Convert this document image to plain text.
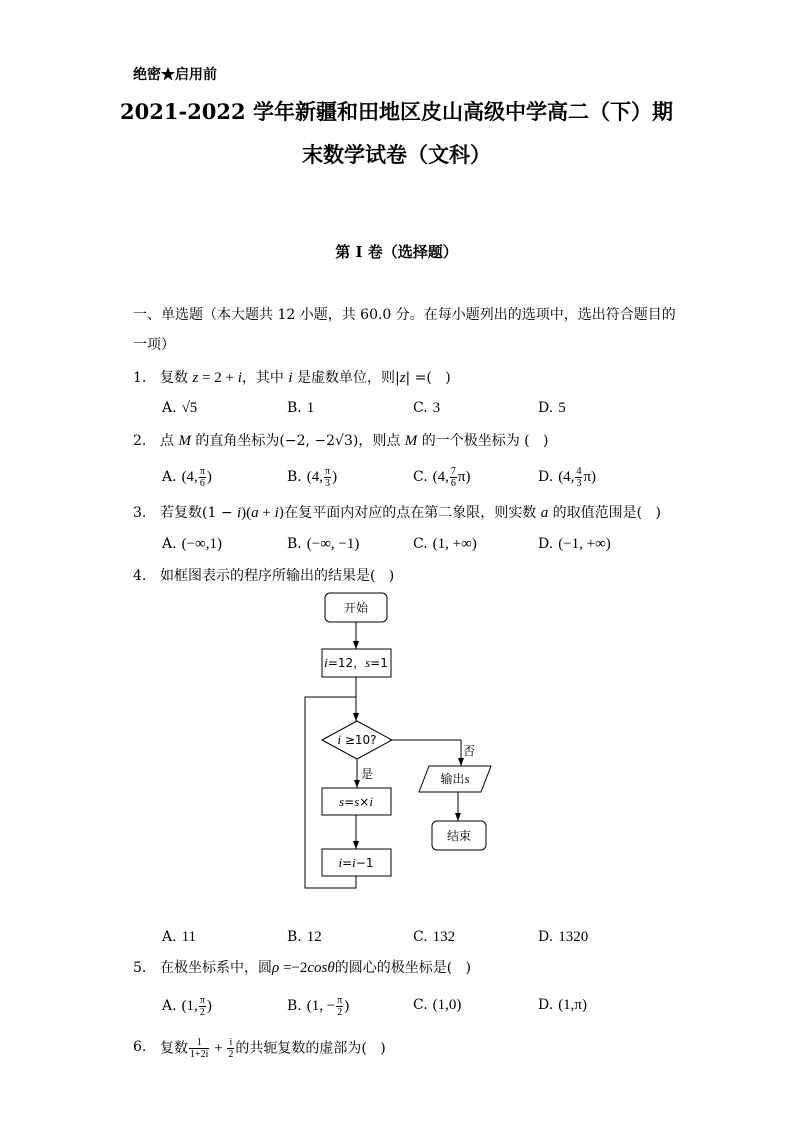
绝密★启用前
2021-2022 学年新疆和田地区皮山高级中学高二（下）期
末数学试卷（文科）
第 I 卷（选择题）
一、单选题（本大题共 12 小题，共 60.0 分。在每小题列出的选项中，选出符合题目的
一项）
1. 复数 z = 2 + i，其中 i 是虚数单位，则|z| =(   )
A. √5	B. 1	C. 3	D. 5
2. 点 M 的直角坐标为(−2, −2√3)，则点 M 的一个极坐标为 (   )
A. (4, $\frac{\pi}{6}$ )	B. (4, $\frac{\pi}{3}$ )	C. (4, $\frac{7}{6} \pi$)	D. (4, $\frac{4}{3} \pi$)
3. 若复数(1 − i)(a + i)在复平面内对应的点在第二象限，则实数 a 的取值范围是(   )
A. (−∞,1)	B. (−∞, −1)	C. (1, +∞)	D. (−1, +∞)
4. 如框图表示的程序所输出的结果是(   )
开始
i=12，s=1
i ≥10?
否
是	输出s
结束
s=s×i
i=i−1
A. 11	B. 12	C. 132	D. 1320
5. 在极坐标系中，圆ρ =−2cosθ的圆心的极坐标是(   )
A. (1, $\frac{\pi}{2}$ )	B. (1, − $\frac{\pi}{2}$ )	C. (1,0)	D. (1,π)
6. 复数 $\frac{1}{1+2i} + \frac{i}{2}$ 的共轭复数的虚部为(   )
